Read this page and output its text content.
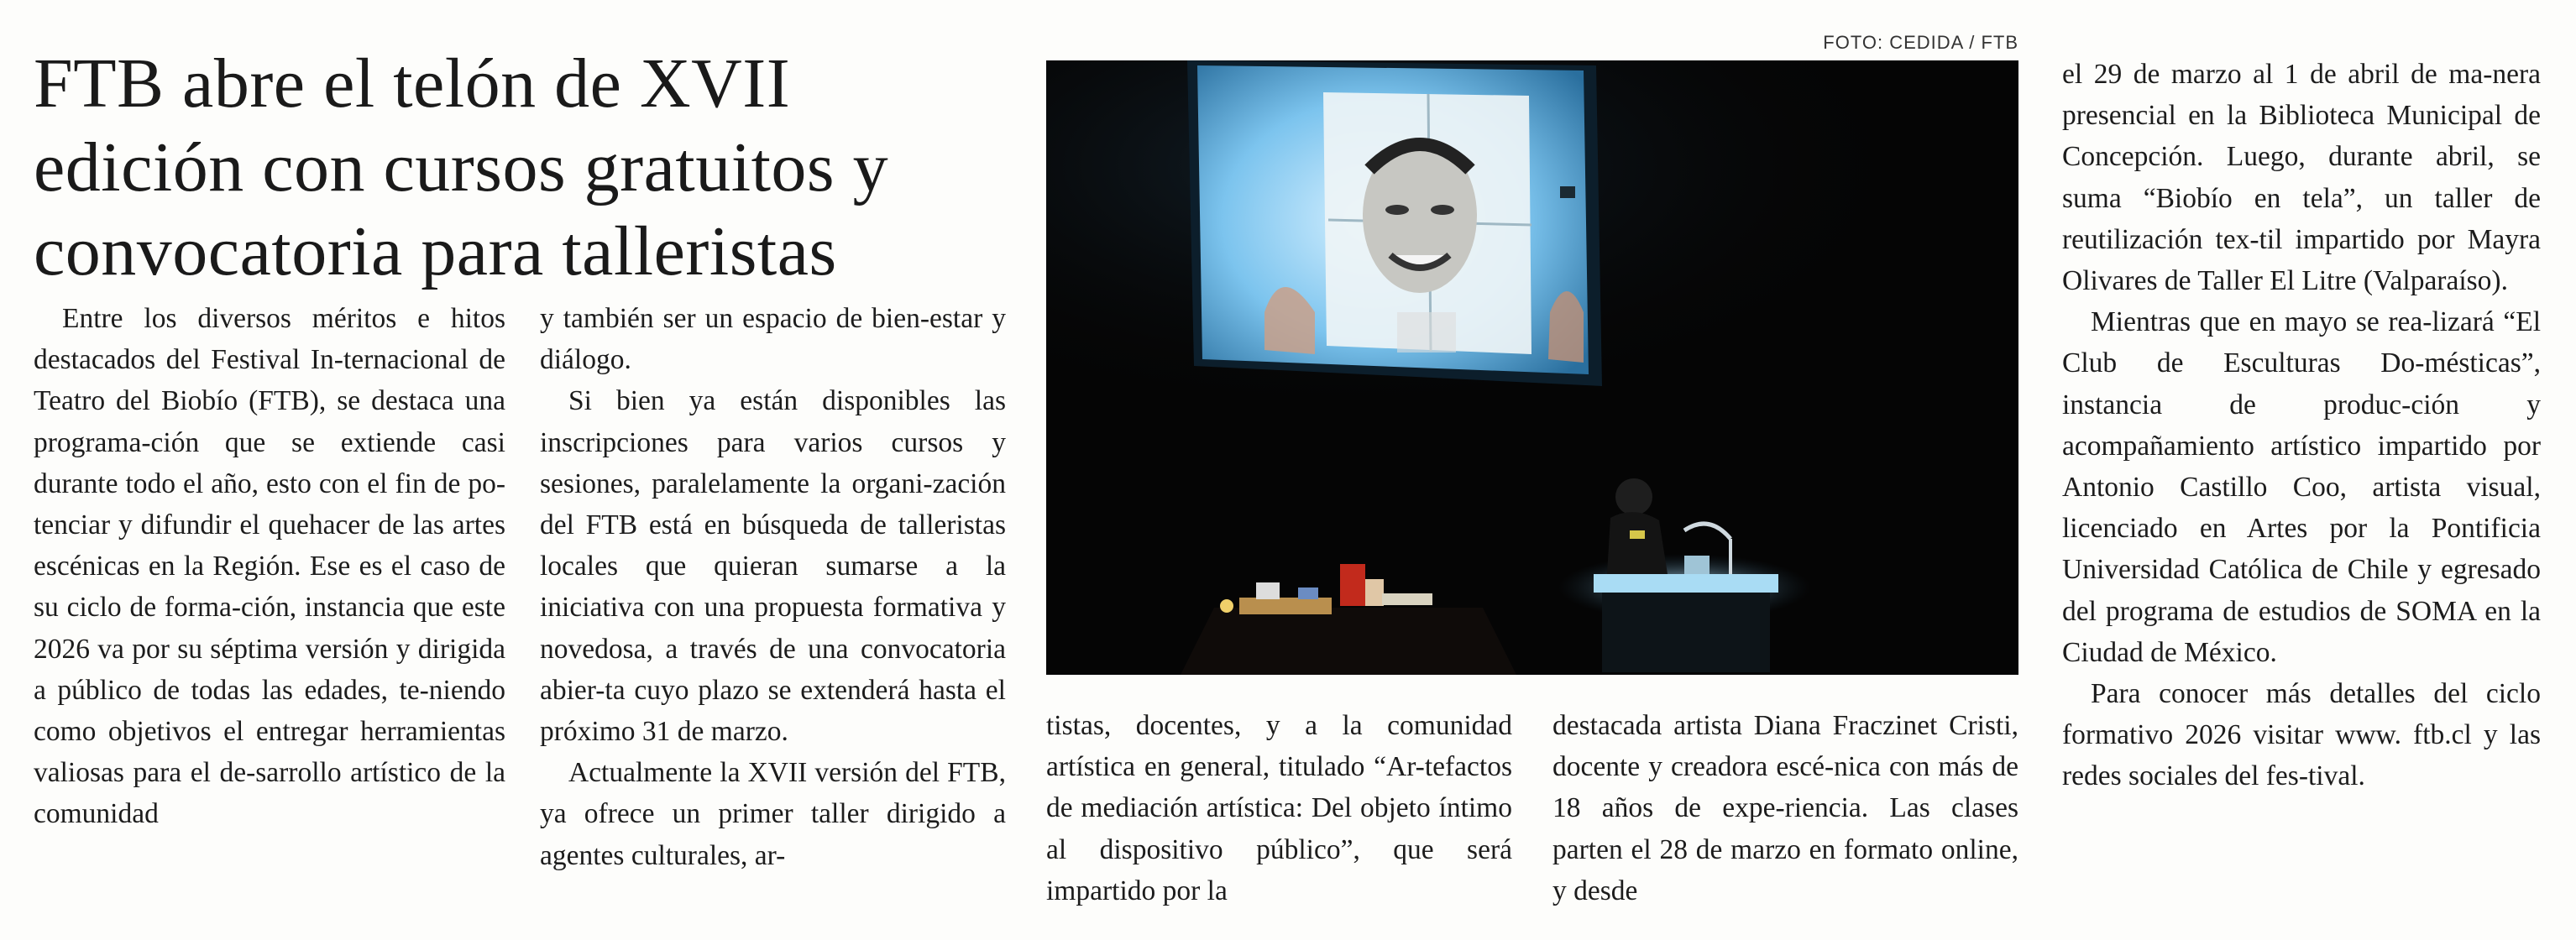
FTB abre el telón de XVII
edición con cursos gratuitos y
convocatoria para talleristas
FOTO: CEDIDA / FTB

Entre los diversos méritos e hitos destacados del Festival In-ternacional de Teatro del Biobío (FTB), se destaca una programa-ción que se extiende casi durante todo el año, esto con el fin de po-tenciar y difundir el quehacer de las artes escénicas en la Región. Ese es el caso de su ciclo de forma-ción, instancia que este 2026 va por su séptima versión y dirigida a público de todas las edades, te-niendo como objetivos el entregar herramientas valiosas para el de-sarrollo artístico de la comunidad

y también ser un espacio de bien-estar y diálogo.

Si bien ya están disponibles las inscripciones para varios cursos y sesiones, paralelamente la organi-zación del FTB está en búsqueda de talleristas locales que quieran sumarse a la iniciativa con una propuesta formativa y novedosa, a través de una convocatoria abier-ta cuyo plazo se extenderá hasta el próximo 31 de marzo.

Actualmente la XVII versión del FTB, ya ofrece un primer taller dirigido a agentes culturales, ar-

tistas, docentes, y a la comunidad artística en general, titulado “Ar-tefactos de mediación artística: Del objeto íntimo al dispositivo público”, que será impartido por la

destacada artista Diana Fraczinet Cristi, docente y creadora escé-nica con más de 18 años de expe-riencia. Las clases parten el 28 de marzo en formato online, y desde

el 29 de marzo al 1 de abril de ma-nera presencial en la Biblioteca Municipal de Concepción. Luego, durante abril, se suma “Biobío en tela”, un taller de reutilización tex-til impartido por Mayra Olivares de Taller El Litre (Valparaíso).

Mientras que en mayo se rea-lizará “El Club de Esculturas Do-mésticas”, instancia de produc-ción y acompañamiento artístico impartido por Antonio Castillo Coo, artista visual, licenciado en Artes por la Pontificia Universidad Católica de Chile y egresado del programa de estudios de SOMA en la Ciudad de México.

Para conocer más detalles del ciclo formativo 2026 visitar www. ftb.cl y las redes sociales del fes-tival.
